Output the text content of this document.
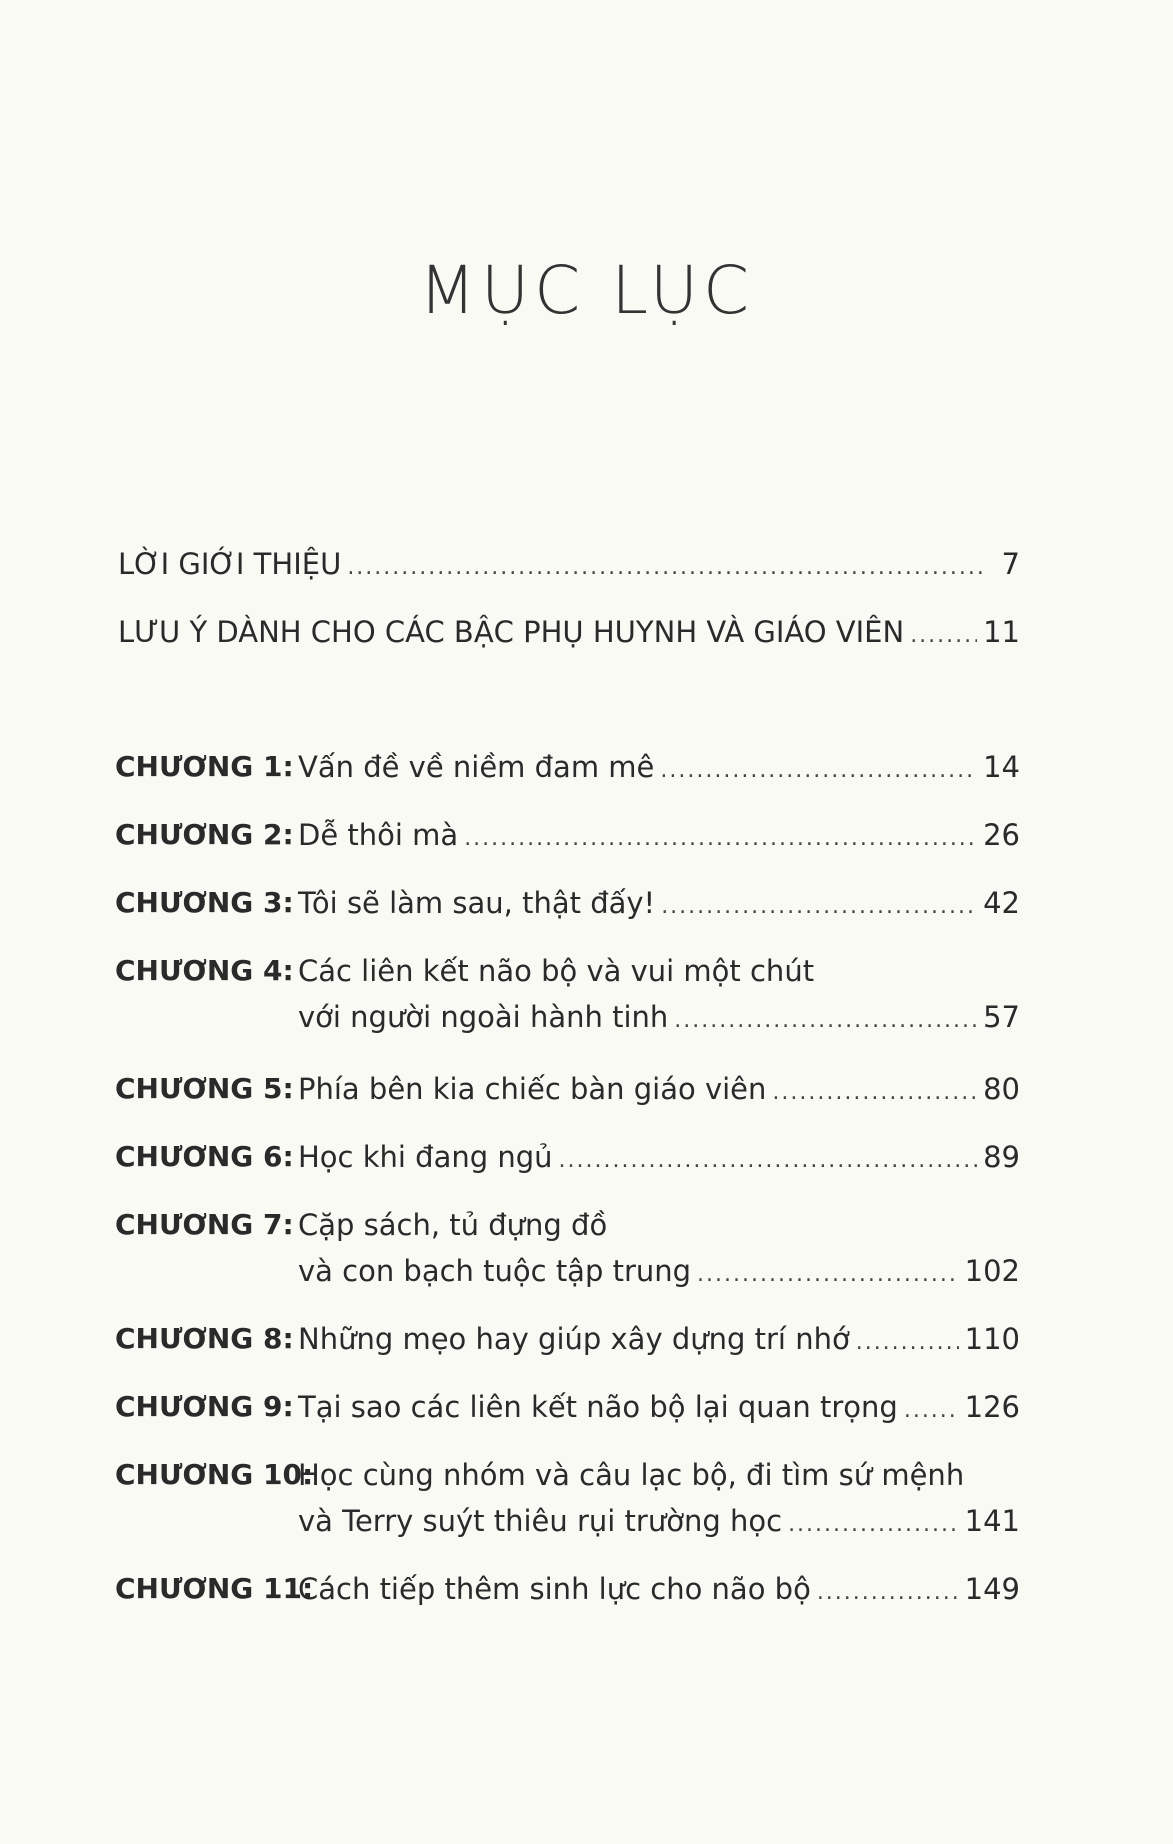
MỤC LỤC
LỜI GIỚI THIỆU .....	7
LƯU Ý DÀNH CHO CÁC BẬC PHỤ HUYNH VÀ GIÁO VIÊN .....	11
CHƯƠNG 1: Vấn đề về niềm đam mê .....	14
CHƯƠNG 2: Dễ thôi mà .....	26
CHƯƠNG 3: Tôi sẽ làm sau, thật đấy! .....	42
CHƯƠNG 4: Các liên kết não bộ và vui một chút
với người ngoài hành tinh .....	57
CHƯƠNG 5: Phía bên kia chiếc bàn giáo viên .....	80
CHƯƠNG 6: Học khi đang ngủ .....	89
CHƯƠNG 7: Cặp sách, tủ đựng đồ
và con bạch tuộc tập trung .....	102
CHƯƠNG 8: Những mẹo hay giúp xây dựng trí nhớ .....	110
CHƯƠNG 9: Tại sao các liên kết não bộ lại quan trọng ..... 126
CHƯƠNG 10:
Học cùng nhóm và câu lạc bộ, đi tìm sứ mệnh
và Terry suýt thiêu rụi trường học .....	141
CHƯƠNG 11:
Cách tiếp thêm sinh lực cho não bộ .....	149
